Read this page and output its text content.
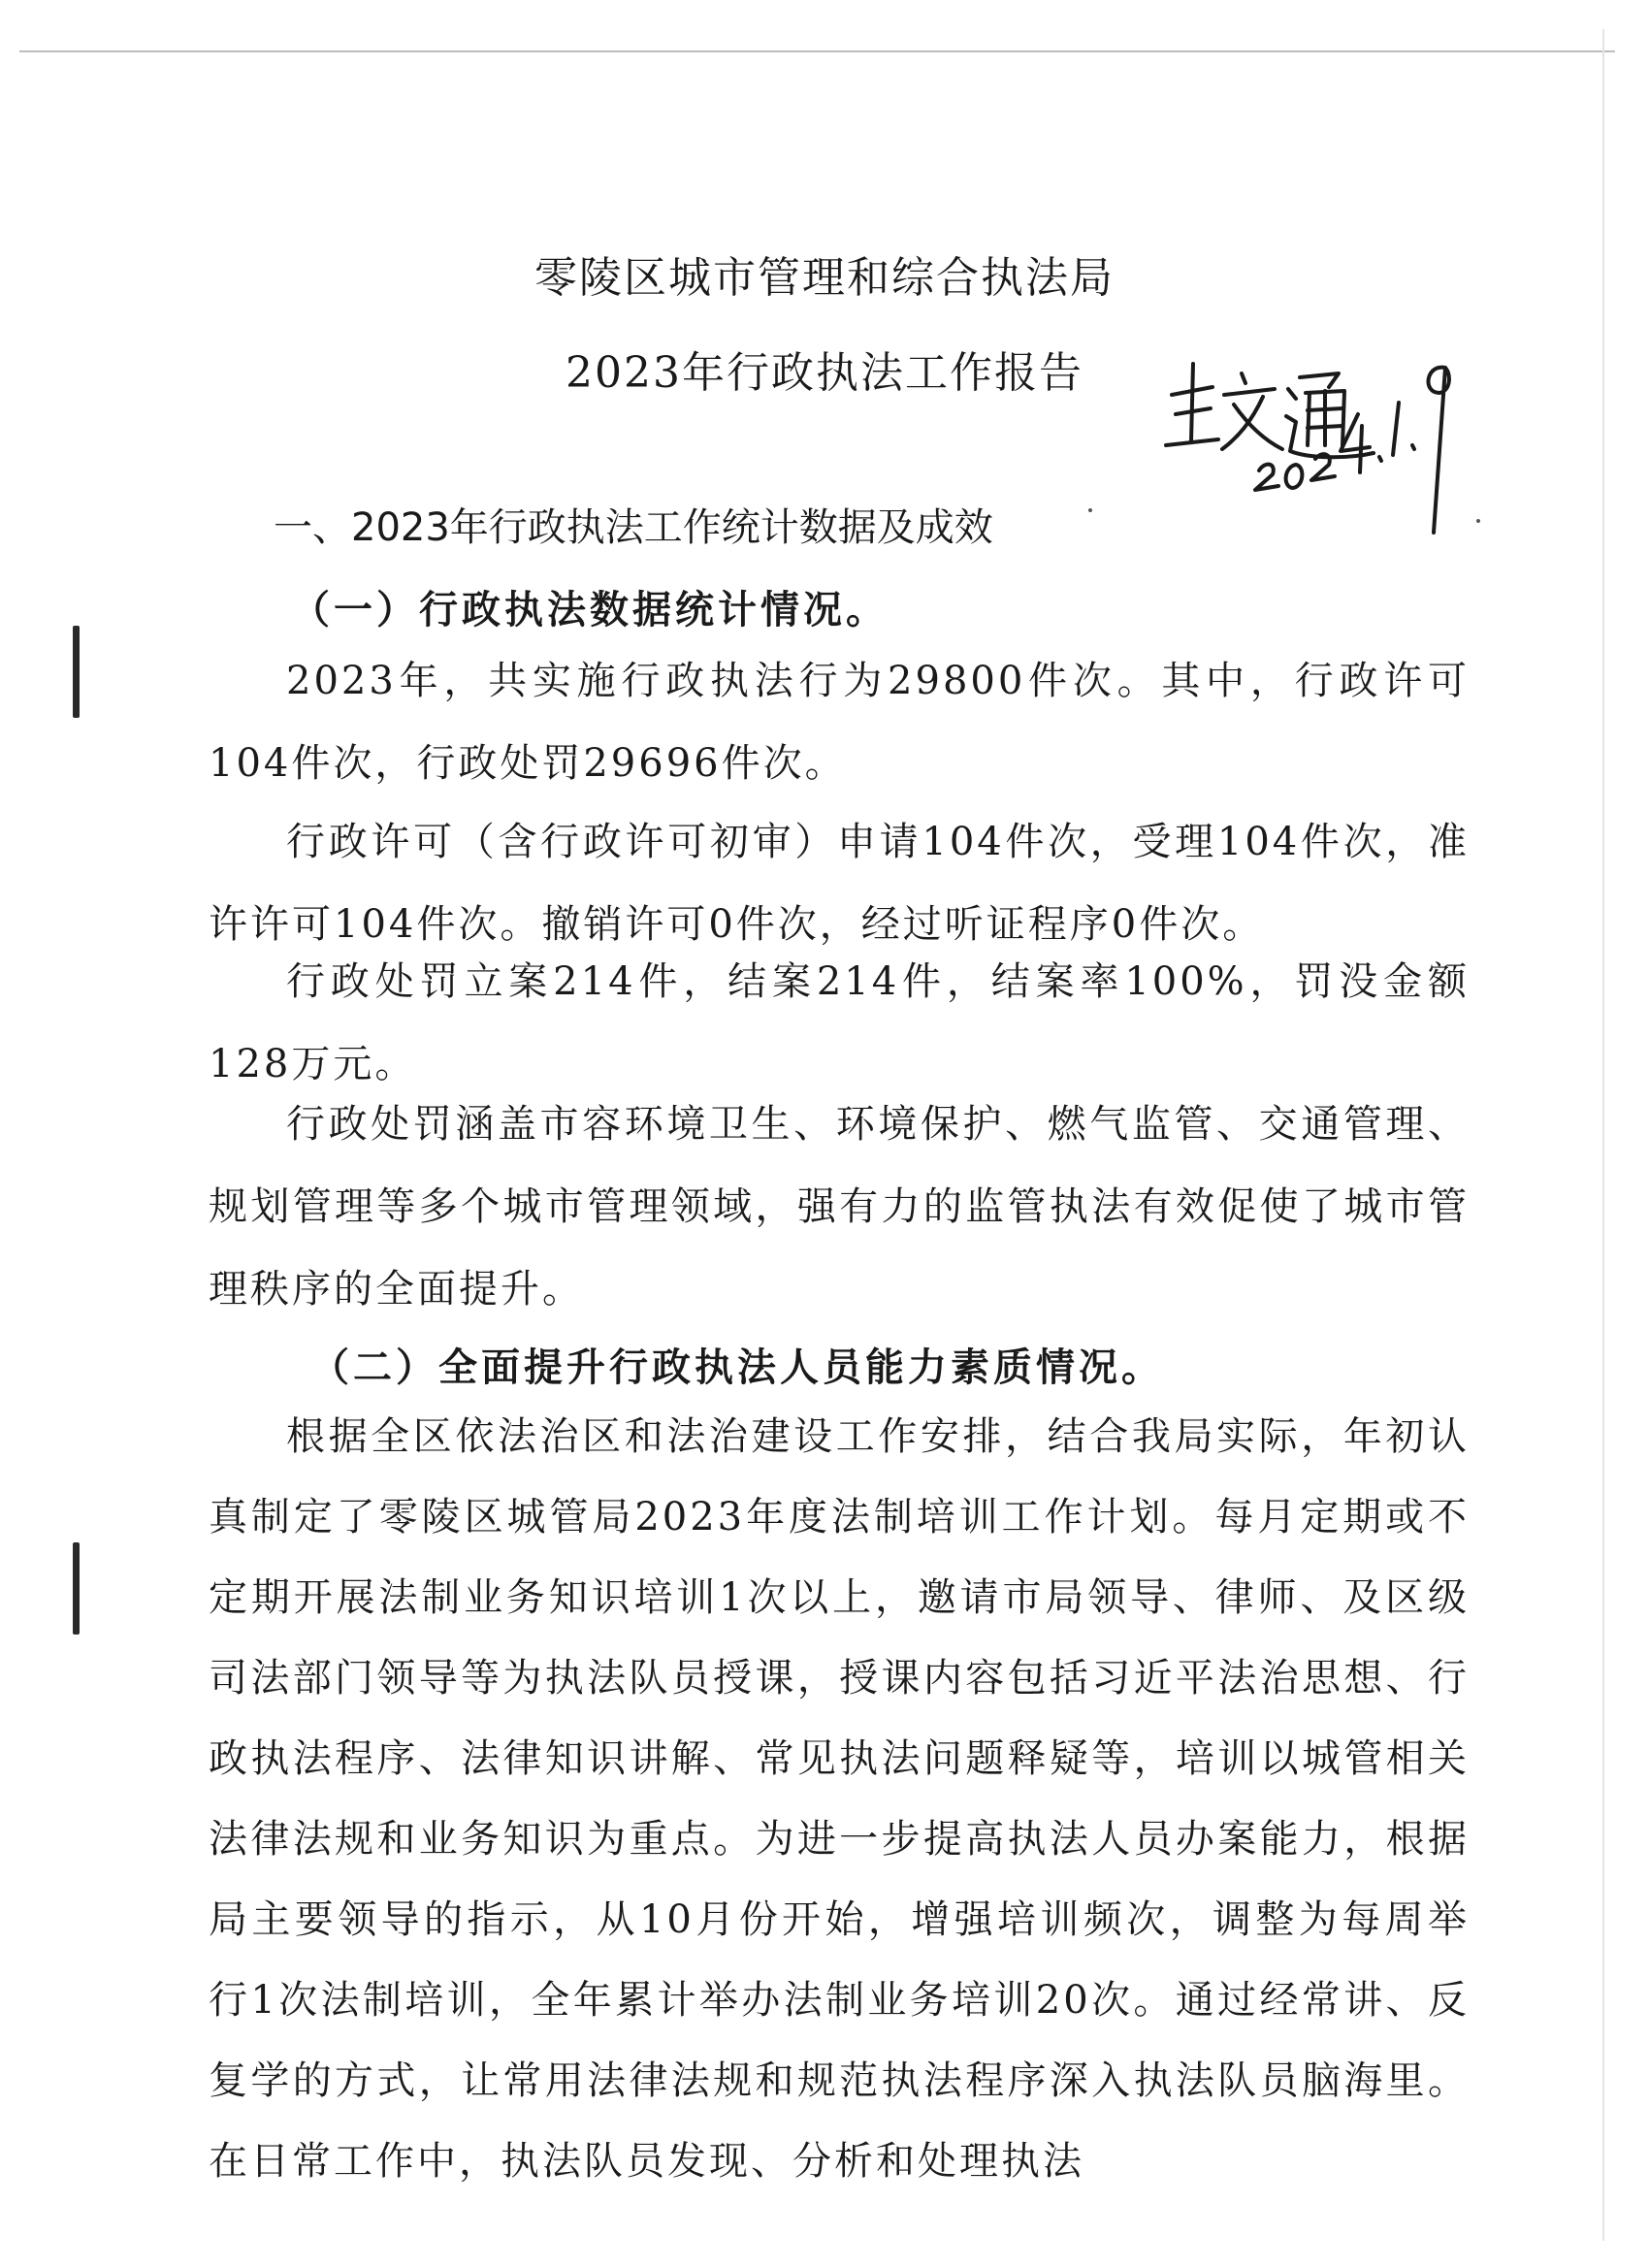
零陵区城市管理和综合执法局
2023年行政执法工作报告
一、2023年行政执法工作统计数据及成效
（一）行政执法数据统计情况。

2023年，共实施行政执法行为29800件次。其中，行政许可104件次，行政处罚29696件次。

行政许可（含行政许可初审）申请104件次，受理104件次，准许许可104件次。撤销许可0件次，经过听证程序0件次。

行政处罚立案214件，结案214件，结案率100%，罚没金额128万元。

行政处罚涵盖市容环境卫生、环境保护、燃气监管、交通管理、规划管理等多个城市管理领域，强有力的监管执法有效促使了城市管理秩序的全面提升。

（二）全面提升行政执法人员能力素质情况。

根据全区依法治区和法治建设工作安排，结合我局实际，年初认真制定了零陵区城管局2023年度法制培训工作计划。每月定期或不定期开展法制业务知识培训1次以上，邀请市局领导、律师、及区级司法部门领导等为执法队员授课，授课内容包括习近平法治思想、行政执法程序、法律知识讲解、常见执法问题释疑等，培训以城管相关法律法规和业务知识为重点。为进一步提高执法人员办案能力，根据局主要领导的指示，从10月份开始，增强培训频次，调整为每周举行1次法制培训，全年累计举办法制业务培训20次。通过经常讲、反复学的方式，让常用法律法规和规范执法程序深入执法队员脑海里。在日常工作中，执法队员发现、分析和处理执法
